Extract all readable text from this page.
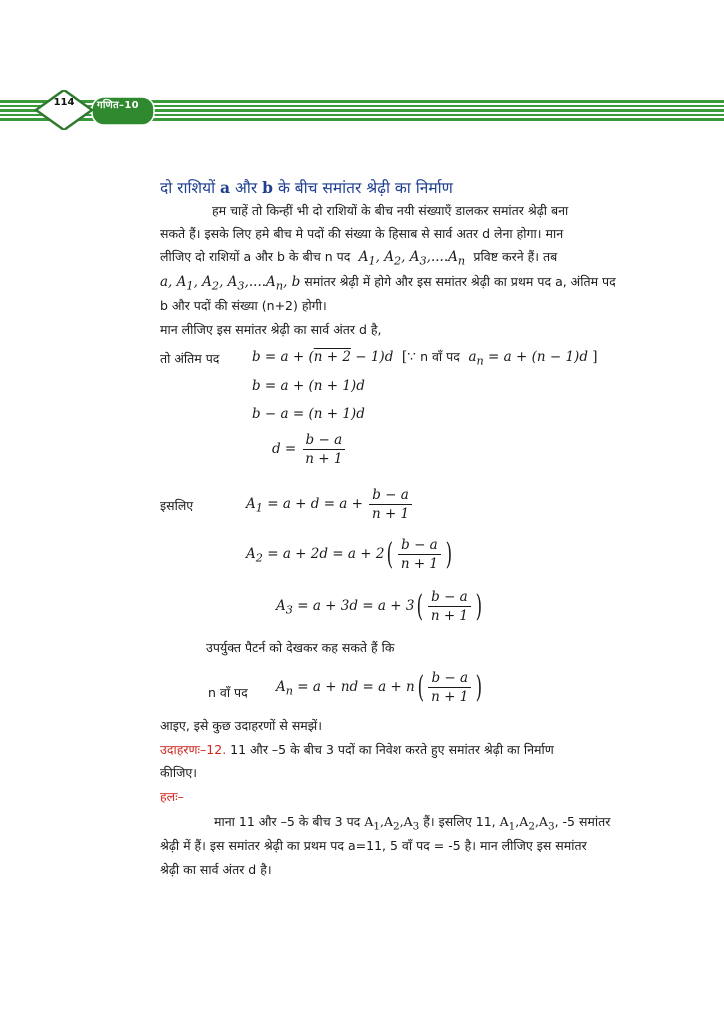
114	गणित–10
दो राशियों a और b के बीच समांतर श्रेढ़ी का निर्माण
हम चाहें तो किन्हीं भी दो राशियों के बीच नयी संख्याएँ डालकर समांतर श्रेढ़ी बना
सकते हैं। इसके लिए हमे बीच मे पदों की संख्या के हिसाब से सार्व अतर d लेना होगा। मान
लीजिए दो राशियों a और b के बीच n पद  $A_1$, $A_2$, $A_3,....A_n$ प्रविष्ट करने हैं। तब
a, $A_1$, $A_2$, $A_3,....A_n$, b समांतर श्रेढ़ी में होगे और इस समांतर श्रेढ़ी का प्रथम पद a, अंतिम पद
b और पदों की संख्या (n+2) होगी।
मान लीजिए इस समांतर श्रेढ़ी का सार्व अंतर d है,
तो अंतिम पद b = a + (n + 2 − 1)d  [∵ n वाँ पद  $a_n = a + (n - 1)d$ ]
b = a + (n + 1)d
b − a = (n + 1)d
$d = \frac{b - a}{n + 1}$
इसलिए	$A_1 = a + d = a + \frac{b - a}{n + 1}$
$A_2 = a + 2d = a + 2( \frac{b - a}{n + 1}$ )
$A_3 = a + 3d = a + 3( \frac{b - a}{n + 1}$ )
उपर्युक्त पैटर्न को देखकर कह सकते हैं कि
n वाँ पद $A_n = a$ + nd = $a + n( \frac{b - a}{n + 1}$ )
आइए, इसे कुछ उदाहरणों से समझें।
उदाहरणः–12. 11 और –5 के बीच 3 पदों का निवेश करते हुए समांतर श्रेढ़ी का निर्माण
कीजिए।
हलः–
माना 11 और –5 के बीच 3 पद $A_1,A_2,A_3$ हैं। इसलिए 11, $A_1,A_2,A_3$, -5 समांतर
श्रेढ़ी में हैं। इस समांतर श्रेढ़ी का प्रथम पद a=11, 5 वाँ पद = -5 है। मान लीजिए इस समांतर
श्रेढ़ी का सार्व अंतर d है।
